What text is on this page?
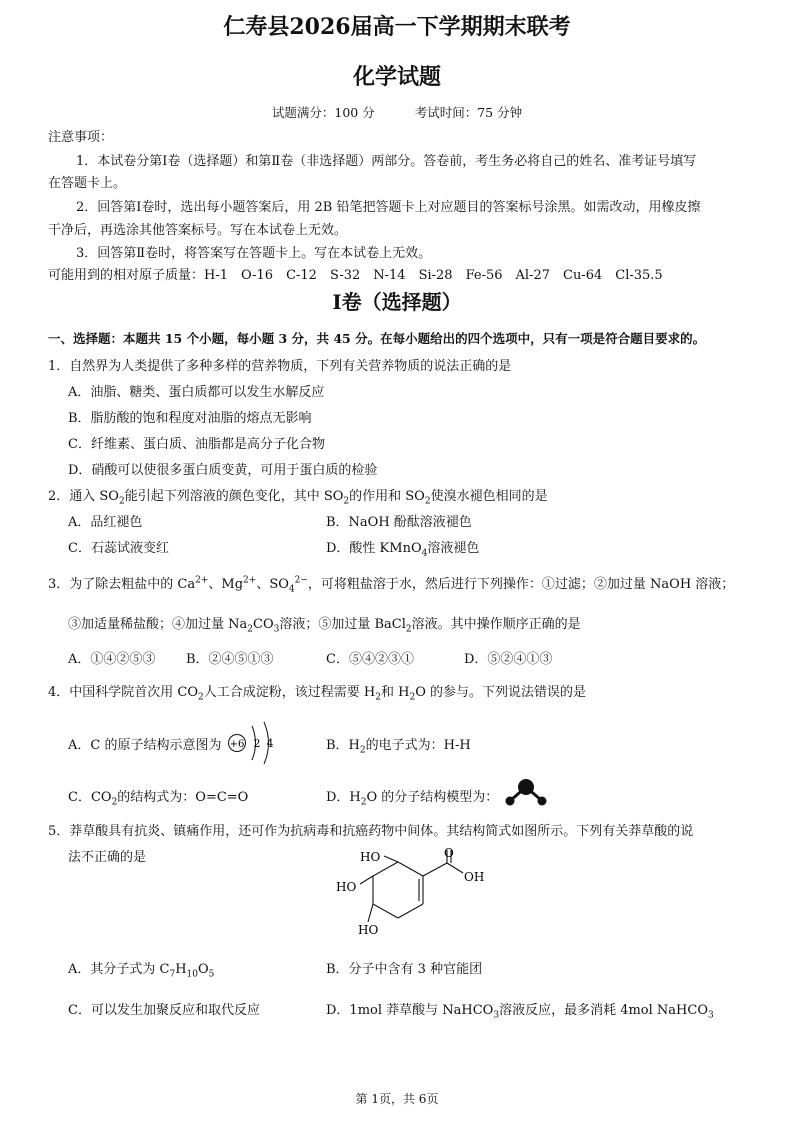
仁寿县2026届高一下学期期末联考
化学试题
试题满分：100 分	考试时间：75 分钟
注意事项：
1．本试卷分第Ⅰ卷（选择题）和第Ⅱ卷（非选择题）两部分。答卷前，考生务必将自己的姓名、准考证号填写
在答题卡上。
2．回答第Ⅰ卷时，选出每小题答案后，用 2B 铅笔把答题卡上对应题目的答案标号涂黑。如需改动，用橡皮擦
干净后，再选涂其他答案标号。写在本试卷上无效。
3．回答第Ⅱ卷时，将答案写在答题卡上。写在本试卷上无效。
可能用到的相对原子质量：H-1　O-16　C-12　S-32　N-14　Si-28　Fe-56　Al-27　Cu-64　Cl-35.5
Ⅰ卷（选择题）
一、选择题：本题共 15 个小题，每小题 3 分，共 45 分。在每小题给出的四个选项中，只有一项是符合题目要求的。
1．自然界为人类提供了多种多样的营养物质，下列有关营养物质的说法正确的是
A．油脂、糖类、蛋白质都可以发生水解反应
B．脂肪酸的饱和程度对油脂的熔点无影响
C．纤维素、蛋白质、油脂都是高分子化合物
D．硝酸可以使很多蛋白质变黄，可用于蛋白质的检验
2．通入 $SO_2$能引起下列溶液的颜色变化，其中 $SO_2$的作用和 $SO_2$使溴水褪色相同的是
A．品红褪色	B．NaOH 酚酞溶液褪色
C．石蕊试液变红	D．酸性 KMnO$_4$溶液褪色
3．为了除去粗盐中的 $Ca^{2+}$、$Mg^{2+}$、$SO_4^{2-}$，可将粗盐溶于水，然后进行下列操作：①过滤；②加过量 NaOH 溶液；
③加适量稀盐酸；④加过量 $Na_2CO_3$溶液；⑤加过量 BaCl$_2$溶液。其中操作顺序正确的是
A．①④②⑤③ B．②④⑤①③	C．⑤④②③①	D．⑤②④①③
4．中国科学院首次用 $CO_2$人工合成淀粉，该过程需要 $H_2$和 $H_2O$ 的参与。下列说法错误的是
A．C 的原子结构示意图为 +6 2 4	B．$H_2$的电子式为：H-H
C．$CO_2$的结构式为：O=C=O	D．$H_2O$ 的分子结构模型为：
5．莽草酸具有抗炎、镇痛作用，还可作为抗病毒和抗癌药物中间体。其结构简式如图所示。下列有关莽草酸的说
法不正确的是	HO
HO
HO
O
OH
A．其分子式为 $C_7H_{10}O_5$	B．分子中含有 3 种官能团
C．可以发生加聚反应和取代反应	D．1mol 莽草酸与 NaHCO$_3$溶液反应，最多消耗 4mol NaHCO$_3$
第 1页，共 6页
